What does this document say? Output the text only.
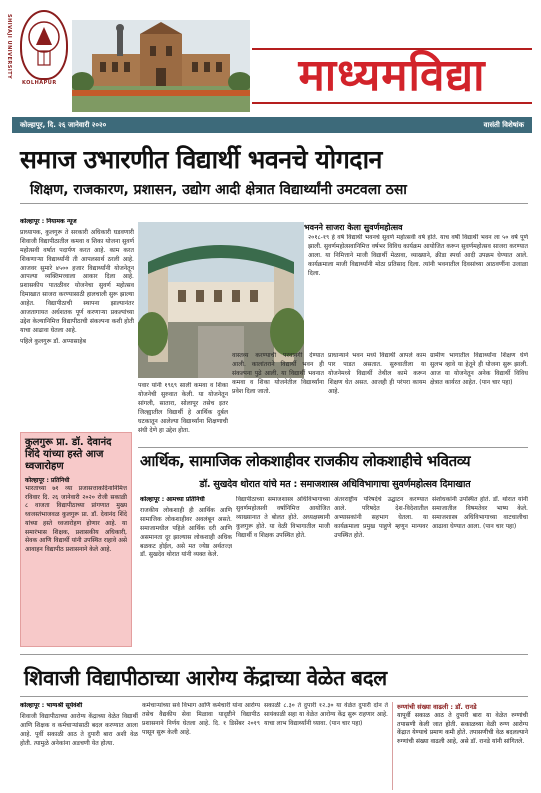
SHIVAJI UNIVERSITY
KOLHAPUR	माध्यमविद्या
कोल्हापूर, दि. २६ जानेवारी २०२०	वासंती विशेषांक
समाज उभारणीत विद्यार्थी भवनचे योगदान
शिक्षण, राजकारण, प्रशासन, उद्योग आदी क्षेत्रात विद्यार्थ्यांनी उमटवला ठसा

कोल्हापूर : नियामक न्यूज

प्राध्यापक, कुलगुरू ते सरकारी अधिकारी घडवणारी शिवाजी विद्यापीठातील कमवा व शिका योजना सुवर्ण महोत्सवी वर्षात पदार्पण करत आहे. काम करत शिकणाऱ्या विद्यार्थ्यांनी ती आपलसार्थ ठरली आहे. आजवर सुमारे ४५०० हजार विद्यार्थ्यांनी योजनेतून आपल्या व्यक्तिमत्त्वाला आकार दिला आहे. प्रशासकीय पातळीवर योजनेचा सुवर्ण महोत्सव दिमाखात साजरा करण्यासाठी हालचाली सुरू झाल्या आहेत. विद्यापीठाची स्थापना झाल्यानंतर आजतागायत अर्धशतक पूर्ण करणाऱ्या प्रकल्पांच्या उद्देश केल्यानिमित्त विद्यापीठाची संकल्पना कशी होती याचा आढावा घेतला आहे.

पहिले कुलगुरू डॉ. अप्पासाहेब

भवनने साजरा केला सुवर्णमहोत्सव
२०१८-१९ हे वर्ष विद्यार्थी भवनचे सुवर्ण महोत्सवी वर्ष होते. याच वर्षी विद्यार्थी भवन ला ५० वर्षे पूर्ण झाली. सुवर्णमहोत्सवानिमित्त वर्षभर विविध कार्यक्रम आयोजित करून सुवर्णमहोत्सव साजरा करण्यात आला. या निमित्ताने माजी विद्यार्थी मेळावा, व्याख्याने, क्रीडा स्पर्धा आदी उपक्रम घेण्यात आले. कार्यक्रमाला माजी विद्यार्थ्यांनी मोठा प्रतिसाद दिला. त्यांनी भवनातील दिवसांच्या आठवणींना उजाळा दिला.
पवार यांनी १९६९ साली कमवा व शिका योजनेची सुरुवात केली. या योजनेतून सांगली, सातारा, सोलापूर तसेच इतर जिल्ह्यातील विद्यार्थी हे आर्थिक दुर्बल घटकातून आलेल्या विद्यार्थ्यांना शिक्षणाची संधी देणे हा उद्देश होता.
वास्तव्य करण्याची परवानगी देण्यात आली. कालांतराने विद्यार्थी भवन ही संकल्पना पुढे आली. या विद्यार्थी भवनात कमवा व शिका योजनेतील विद्यार्थ्यांना प्रवेश दिला जातो.
प्राधान्याने भवन मध्ये विद्यार्थी आपले काम पार पाडत असतात. सुरुवातीला या योजनेमध्ये विद्यार्थी तेथील कामे करून शिक्षण घेत असत. आजही ही परंपरा कायम आहे.
ग्रामीण भागातील विद्यार्थ्यांना शिक्षण घेणे सुलभ व्हावे या हेतूने ही योजना सुरू झाली. आज या योजनेतून अनेक विद्यार्थी विविध क्षेत्रात कार्यरत आहेत. (पान चार पहा)
कुलगुरू प्रा. डॉ. देवानंद शिंदे यांच्या हस्ते आज ध्वजारोहण
कोल्हापूर : प्रतिनिधी
भारताच्या ७१ व्या प्रजासत्ताकदिनानिमित्त रविवार दि. २६ जानेवारी २०२० रोजी सकाळी ८ वाजता विद्यापीठाच्या प्रांगणात मुख्य ध्वजस्तंभाजवळ कुलगुरू प्रा. डॉ. देवानंद शिंदे यांच्या हस्ते ध्वजारोहण होणार आहे. या समारंभास शिक्षक, प्रशासकीय अधिकारी, सेवक आणि विद्यार्थी यांनी उपस्थित राहावे असे आवाहन विद्यापीठ प्रशासनाने केले आहे.
आर्थिक, सामाजिक लोकशाहीवर राजकीय लोकशाहीचे भवितव्य
डॉ. सुखदेव थोरात यांचे मत : समाजशास्त्र अधिविभागाचा सुवर्णमहोत्सव दिमाखात

कोल्हापूर : आमच्या प्रतिनिधी

राजकीय लोकशाही ही आर्थिक आणि सामाजिक लोकशाहीवर अवलंबून असते. समाजामधील पहिले आर्थिक दरी आणि असमानता दूर झाल्यास लोकशाही अधिक बळकट होईल, असे मत ज्येष्ठ अर्थतज्ज्ञ डॉ. सुखदेव थोरात यांनी व्यक्त केले.

विद्यापीठाच्या समाजशास्त्र अधिविभागाच्या सुवर्णमहोत्सवी वर्षानिमित्त आयोजित व्याख्यानात ते बोलत होते. अध्यक्षस्थानी कुलगुरू होते. या वेळी विभागातील माजी विद्यार्थी व शिक्षक उपस्थित होते.
अंतरराष्ट्रीय परिषदेचे उद्घाटन करण्यात आले. परिषदेत देश-विदेशातील अभ्यासकांनी सहभाग घेतला. या कार्यक्रमाला प्रमुख पाहुणे म्हणून मान्यवर उपस्थित होते.
संशोधकांनी उपस्थित होते. डॉ. थोरात यांनी समाजातील विषमतेवर भाष्य केले. समाजशास्त्र अधिविभागाच्या वाटचालीचा आढावा घेण्यात आला. (पान चार पहा)
शिवाजी विद्यापीठाच्या आरोग्य केंद्राच्या वेळेत बदल

कोल्हापूर : भाग्यश्री सूर्यवंशी

शिवाजी विद्यापीठाच्या आरोग्य केंद्राच्या वेळेत विद्यार्थी आणि शिक्षक व कर्मचाऱ्यांसाठी बदल करण्यात आला आहे. पूर्वी सकाळी आठ ते दुपारी बारा अशी वेळ होती. त्यामुळे अनेकांना अडचणी येत होत्या.

कर्मचाऱ्यांच्या सर्व विभाग आणि कर्मचारी यांना आरोग्य तसेच वैद्यकीय सेवा मिळावा यादृष्टीने विद्यापीठ प्रशासनाने निर्णय घेतला आहे. दि. १ डिसेंबर २०१९ पासून सुरू केली आहे.
सकाळी ८.३० ते दुपारी १२.३० या वेळेत दुपारी दोन ते सायंकाळी सहा या वेळेत आरोग्य केंद्र सुरू राहणार आहे. याचा लाभ विद्यार्थ्यांनी घ्यावा. (पान चार पहा)
रुग्णांची संख्या वाढली : डॉ. रानडे
यापूर्वी सकाळ आठ ते दुपारी बारा या वेळेत रुग्णांची तपासणी केली जात होती. सकाळच्या वेळी रुग्ण आरोग्य केंद्रात येण्याचे प्रमाण कमी होते. तपासणीची वेळ बदलल्याने रुग्णांची संख्या वाढली आहे, असे डॉ. रानडे यांनी सांगितले.
